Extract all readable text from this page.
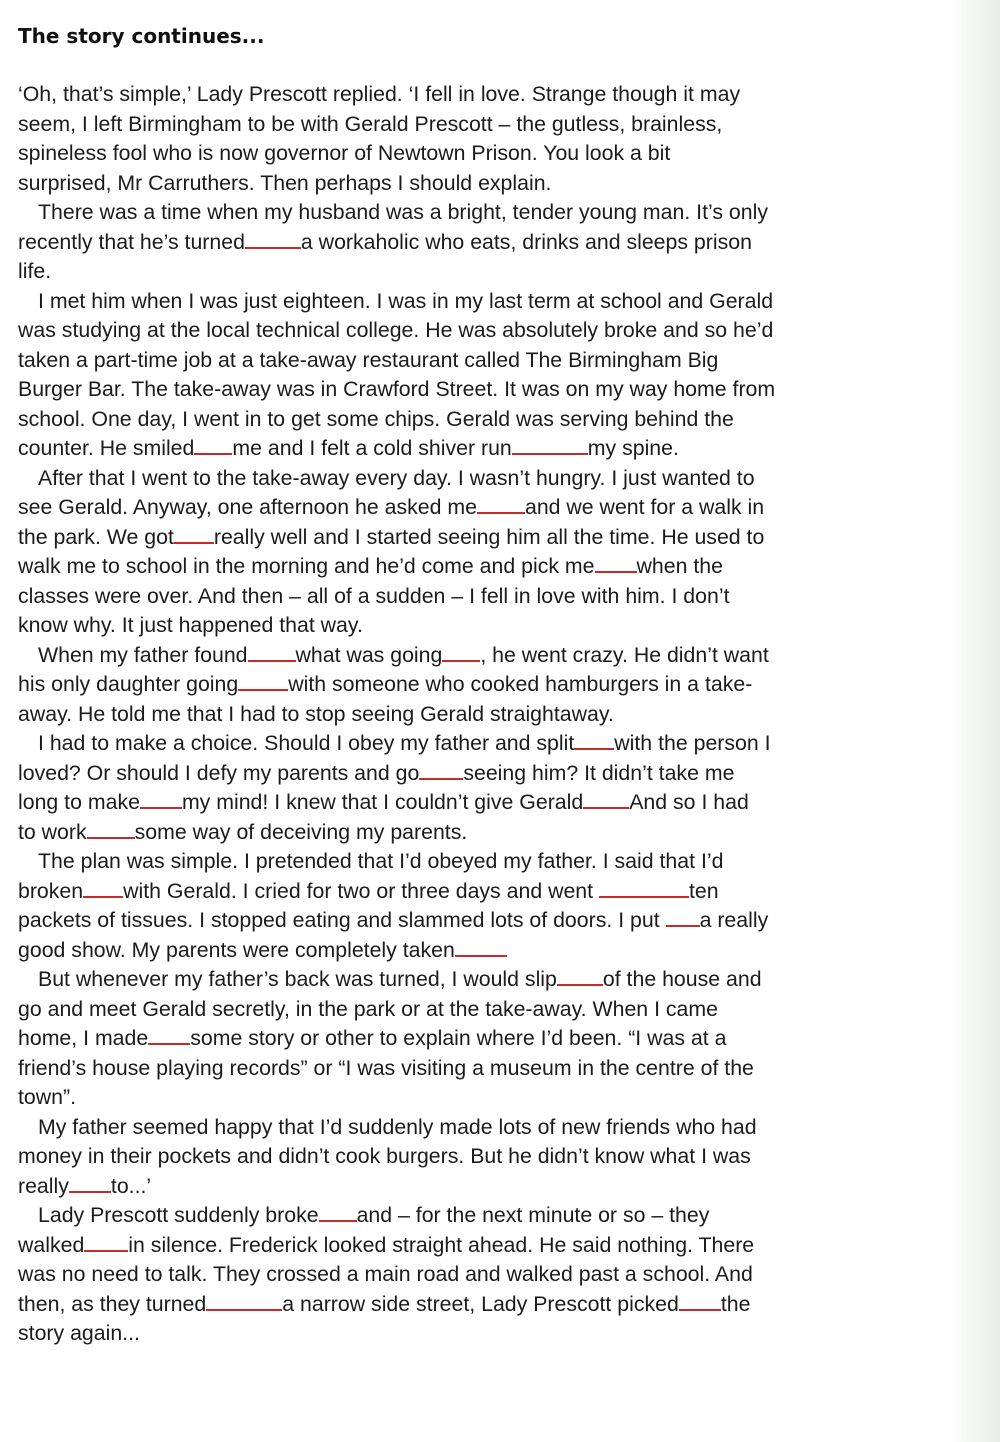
The story continues...

‘Oh, that’s simple,’ Lady Prescott replied. ‘I fell in love. Strange though it may
seem, I left Birmingham to be with Gerald Prescott – the gutless, brainless,
spineless fool who is now governor of Newtown Prison. You look a bit
surprised, Mr Carruthers. Then perhaps I should explain.

There was a time when my husband was a bright, tender young man. It’s only
recently that he’s turned	a workaholic who eats, drinks and sleeps prison
life.

I met him when I was just eighteen. I was in my last term at school and Gerald
was studying at the local technical college. He was absolutely broke and so he’d
taken a part-time job at a take-away restaurant called The Birmingham Big
Burger Bar. The take-away was in Crawford Street. It was on my way home from
school. One day, I went in to get some chips. Gerald was serving behind the
counter. He smiled me and I felt a cold shiver run	my spine.

After that I went to the take-away every day. I wasn’t hungry. I just wanted to
see Gerald. Anyway, one afternoon he asked me and we went for a walk in
the park. We got really well and I started seeing him all the time. He used to
walk me to school in the morning and he’d come and pick me when the
classes were over. And then – all of a sudden – I fell in love with him. I don’t
know why. It just happened that way.

When my father found what was going , he went crazy. He didn’t want
his only daughter going with someone who cooked hamburgers in a take-
away. He told me that I had to stop seeing Gerald straightaway.

I had to make a choice. Should I obey my father and split with the person I
loved? Or should I defy my parents and go seeing him? It didn’t take me
long to make my mind! I knew that I couldn’t give Gerald And so I had
to work some way of deceiving my parents.

The plan was simple. I pretended that I’d obeyed my father. I said that I’d
broken with Gerald. I cried for two or three days and went	ten
packets of tissues. I stopped eating and slammed lots of doors. I put a really
good show. My parents were completely taken

But whenever my father’s back was turned, I would slip of the house and
go and meet Gerald secretly, in the park or at the take-away. When I came
home, I made some story or other to explain where I’d been. “I was at a
friend’s house playing records” or “I was visiting a museum in the centre of the
town”.

My father seemed happy that I’d suddenly made lots of new friends who had
money in their pockets and didn’t cook burgers. But he didn’t know what I was
really to...’

Lady Prescott suddenly broke and – for the next minute or so – they
walked in silence. Frederick looked straight ahead. He said nothing. There
was no need to talk. They crossed a main road and walked past a school. And
then, as they turned	a narrow side street, Lady Prescott picked the
story again...
